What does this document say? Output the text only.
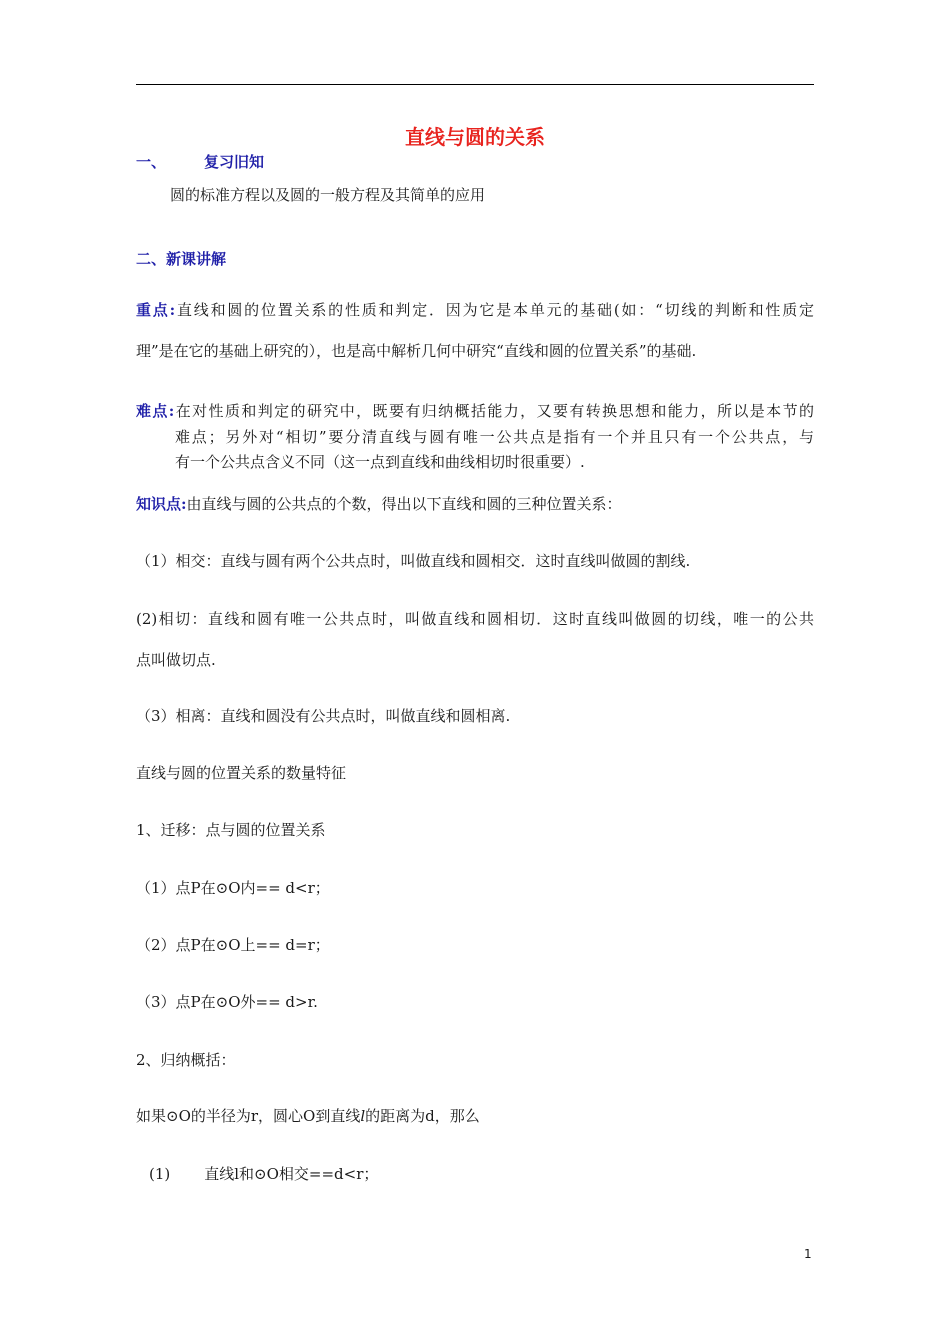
直线与圆的关系
一、	复习旧知
圆的标准方程以及圆的一般方程及其简单的应用
二、新课讲解
重点:直线和圆的位置关系的性质和判定．因为它是本单元的基础(如：“切线的判断和性质定
理”是在它的基础上研究的），也是高中解析几何中研究“直线和圆的位置关系”的基础.
难点:在对性质和判定的研究中，既要有归纳概括能力，又要有转换思想和能力，所以是本节的
难点；另外对“相切”要分清直线与圆有唯一公共点是指有一个并且只有一个公共点，与
有一个公共点含义不同（这一点到直线和曲线相切时很重要）.
知识点:由直线与圆的公共点的个数，得出以下直线和圆的三种位置关系：
（1）相交：直线与圆有两个公共点时，叫做直线和圆相交．这时直线叫做圆的割线.
(2)相切：直线和圆有唯一公共点时，叫做直线和圆相切．这时直线叫做圆的切线，唯一的公共
点叫做切点.
（3）相离：直线和圆没有公共点时，叫做直线和圆相离.
直线与圆的位置关系的数量特征
1、迁移：点与圆的位置关系
（1）点P在⊙O内== d<r；
（2）点P在⊙O上== d=r；
（3）点P在⊙O外== d>r.
2、归纳概括：
如果⊙O的半径为r，圆心O到直线l的距离为d，那么
(1) 直线l和⊙O相交==d<r；
1
